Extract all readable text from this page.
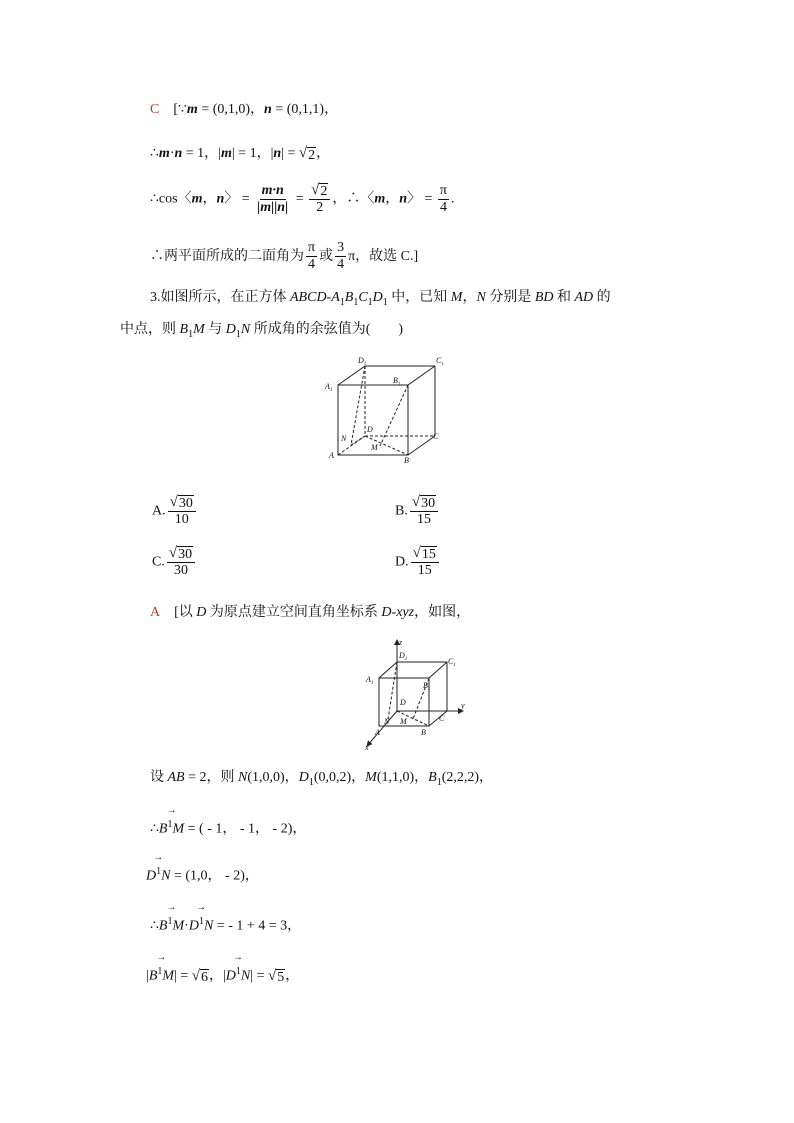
C [∵m = (0,1,0)，n = (0,1,1)，
∴m·n = 1，|m| = 1，|n| = √ 2 ，
∴cos〈m，n〉 = $\frac{m\cdot n}{|m||n|} = \frac{√ 2}{2}$ ，∴〈m，n〉 = $\frac{\pi}{4}$ .
∴两平面所成的二面角为 $\frac{\pi}{4}$ 或 $\frac{3}{4}$ π，故选 C.]
3.如图所示，在正方体 ABCD-$A_1B_1C_1D_1$ 中，已知 M，N 分别是 BD 和 AD 的
中点，则 $B_1M$ 与 $D_1N$ 所成角的余弦值为(　　)
$D_1$	$C_1$
$A_1$
$B_1$
D
N
M
A
B
C
A. $\frac{√ 30}{10}$	B. $\frac{√ 30}{15}$
C. $\frac{√ 30}{30}$	D. $\frac{√ 15}{15}$
A [以 D 为原点建立空间直角坐标系 D-xyz，如图，
z
y
x
$D_1$	$C_1$
$A_1$	$B_1$
D
N M
A	B
C
设 AB = 2，则 N(1,0,0)，$D_1(0,0,2)$，M(1,1,0)，$B_1(2,2,2)$，
∴→ $B^1M$ = ( - 1， - 1， - 2)，
→ $D^1N = (1,0$， - 2)，
∴→ $B^1M\cdot\to D^1N$ = - 1 + 4 = 3，
|→ $B^1M|$ = √ 6 ，|→ $D^1N|$ = √ 5 ，
